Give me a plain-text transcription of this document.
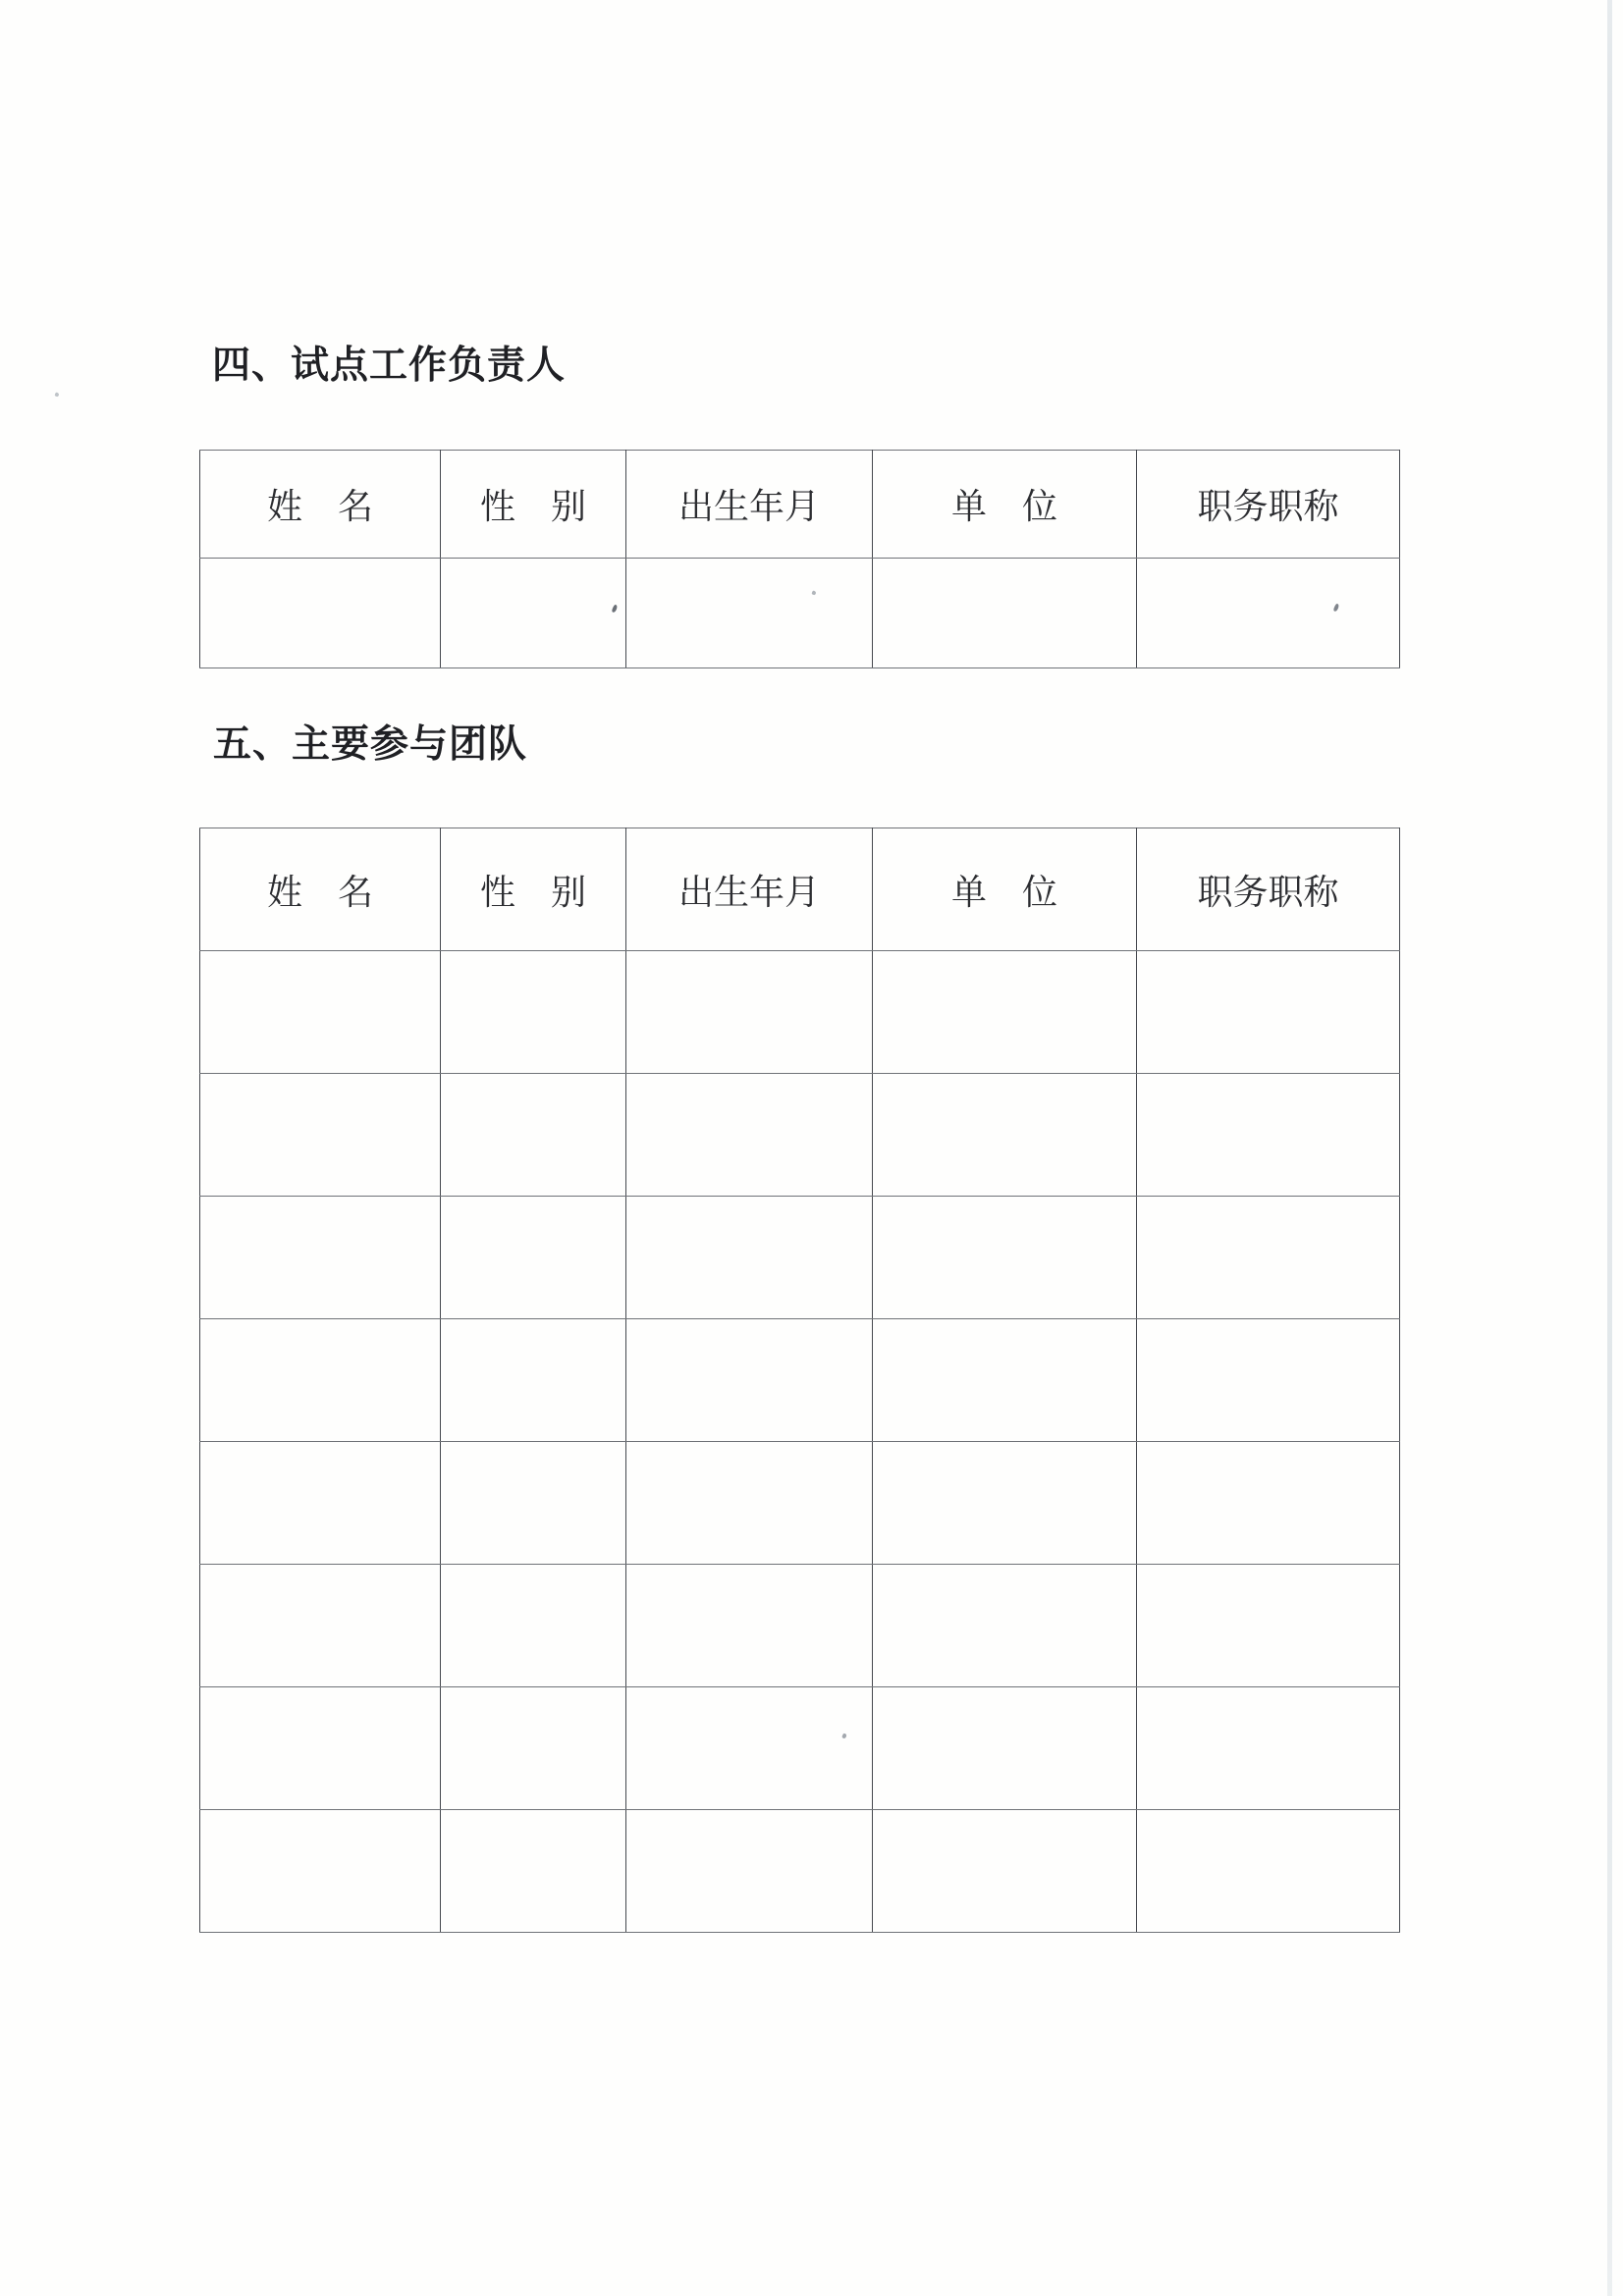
四、试点工作负责人
姓　名	性　别	出生年月	单　位	职务职称

五、主要参与团队
姓　名	性　别	出生年月	单　位	职务职称
